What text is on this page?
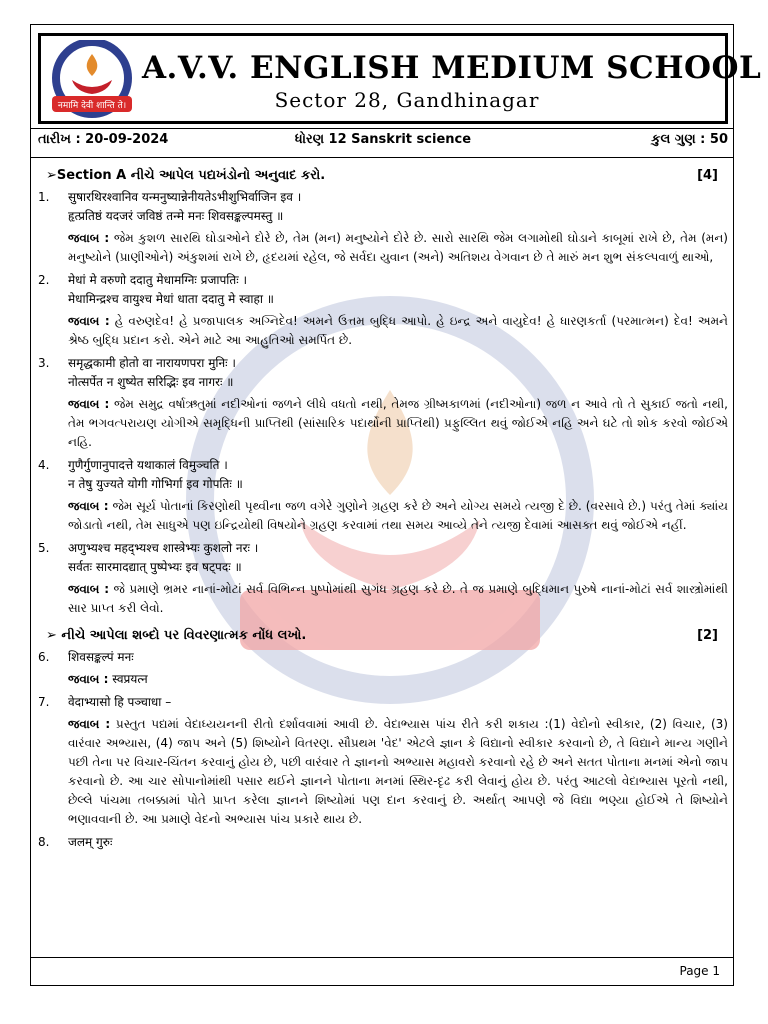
नमामि देवी शान्ति ते।
A.V.V. ENGLISH MEDIUM SCHOOL
Sector 28, Gandhinagar
તારીખ : 20-09-2024	ધોરણ 12 Sanskrit science	કુલ ગુણ : 50
➢Section A નીચે આપેલ પદ્યખંડોનો અનુવાદ કરો.	[4]
1. सुषारथिरश्वानिव यन्मनुष्यान्नेनीयतेऽभीशुभिर्वाजिन इव ।
हृत्प्रतिष्ठं यदजरं जविष्ठं तन्मे मनः शिवसङ्कल्पमस्तु ॥
જવાબ : જેમ કુશળ સારથિ ઘોડાઓને દોરે છે, તેમ (મન) મનુષ્યોને દોરે છે. સારો સારથિ જેમ લગામોથી ઘોડાને કાબૂમાં રાખે છે, તેમ (મન) મનુષ્યોને (પ્રાણીઓને) અંકુશમાં રાખે છે, હૃદયમાં રહેલ, જે સર્વદા યુવાન (અને) અતિશય વેગવાન છે તે મારું મન શુભ સંકલ્પવાળું થાઓ,
2. मेधां मे वरुणो ददातु मेधामग्निः प्रजापतिः ।
मेधामिन्द्रश्च वायुश्च मेधां धाता ददातु मे स्वाहा ॥
જવાબ : હે વરુણદેવ! હે પ્રજાપાલક અગ્નિદેવ! અમને ઉત્તમ બુદ્ધિ આપો. હે ઇન્દ્ર અને વાયુદેવ! હે ધારણકર્તા (પરમાત્મન) દેવ! અમને શ્રેષ્ઠ બુદ્ધિ પ્રદાન કરો. એને માટે આ આહુતિઓ સમર્પિત છે.
3. समृद्धकामी होतो वा नारायणपरा मुनिः ।
नोत्सर्पेत न शुष्येत सरिद्भिः इव नागरः ॥
જવાબ : જેમ સમુદ્ર વર્ષાઋતુમાં નદીઓનાં જળને લીધે વધતો નથી, તેમજ ગ્રીષ્મકાળમાં (નદીઓના) જળ ન આવે તો તે સુકાઈ જતો નથી, તેમ ભગવત્પરાયણ યોગીએ સમૃદ્ધિની પ્રાપ્તિથી (સાંસારિક પદાર્થોની પ્રાપ્તિથી) પ્રફુલ્લિત થવું જોઈએ નહિ અને ઘટે તો શોક કરવો જોઈએ નહિ.
4. गुणैर्गुणानुपादत्ते यथाकालं विमुञ्चति ।
न तेषु युज्यते योगी गोभिर्गा इव गोपतिः ॥
જવાબ : જેમ સૂર્ય પોતાનાં કિરણોથી પૃથ્વીના જળ વગેરે ગુણોને ગ્રહણ કરે છે અને યોગ્ય સમયે ત્યજી દે છે. (વરસાવે છે.) પરંતુ તેમાં ક્યાંય જોડાતો નથી, તેમ સાધુએ પણ ઇન્દ્રિયોથી વિષયોને ગ્રહણ કરવામાં તથા સમય આવ્યે તેને ત્યજી દેવામાં આસક્ત થવું જોઈએ નહીં.
5. अणुभ्यश्च महद्भ्यश्च शास्त्रेभ्यः कुशलो नरः ।
सर्वतः सारमादद्यात् पुष्पेभ्यः इव षट्पदः ॥
જવાબ : જે પ્રમાણે ભ્રમર નાનાં-મોટાં સર્વ વિભિન્ન પુષ્પોમાંથી સુગંધ ગ્રહણ કરે છે. તે જ પ્રમાણે બુદ્ધિમાન પુરુષે નાનાં-મોટાં સર્વ શાસ્ત્રોમાંથી સાર પ્રાપ્ત કરી લેવો.
➢ નીચે આપેલા શબ્દો પર વિવરણાત્મક નોંધ લખો.	[2]
6. शिवसङ्कल्पं मनः
જવાબ : स्वप्रयत्न
7. वेदाभ्यासो हि पञ्चाधा –
જવાબ : પ્રસ્તુત પદ્યમાં વેદાધ્યયનની રીતો દર્શાવવામાં આવી છે. વેદાભ્યાસ પાંચ રીતે કરી શકાય :(1) વેદોનો સ્વીકાર, (2) વિચાર, (3) વારંવાર અભ્યાસ, (4) જાપ અને (5) શિષ્યોને વિતરણ. સૌપ્રથમ 'વેદ' એટલે જ્ઞાન કે વિદ્યાનો સ્વીકાર કરવાનો છે, તે વિદ્યાને માન્ય ગણીને પછી તેના પર વિચાર-ચિંતન કરવાનું હોય છે, પછી વારંવાર તે જ્ઞાનનો અભ્યાસ મહાવરો કરવાનો રહે છે અને સતત પોતાના મનમાં એનો જાપ કરવાનો છે. આ ચાર સોપાનોમાંથી પસાર થઈને જ્ઞાનને પોતાના મનમાં સ્થિર-દૃઢ કરી લેવાનું હોય છે. પરંતુ આટલો વેદાભ્યાસ પૂરતો નથી, છેલ્લે પાંચમા તબક્કામાં પોતે પ્રાપ્ત કરેલા જ્ઞાનને શિષ્યોમાં પણ દાન કરવાનું છે. અર્થાત્ આપણે જે વિદ્યા ભણ્યા હોઈએ તે શિષ્યોને ભણાવવાની છે. આ પ્રમાણે વેદનો અભ્યાસ પાંચ પ્રકારે થાય છે.
8. जलम् गुरुः
Page 1
